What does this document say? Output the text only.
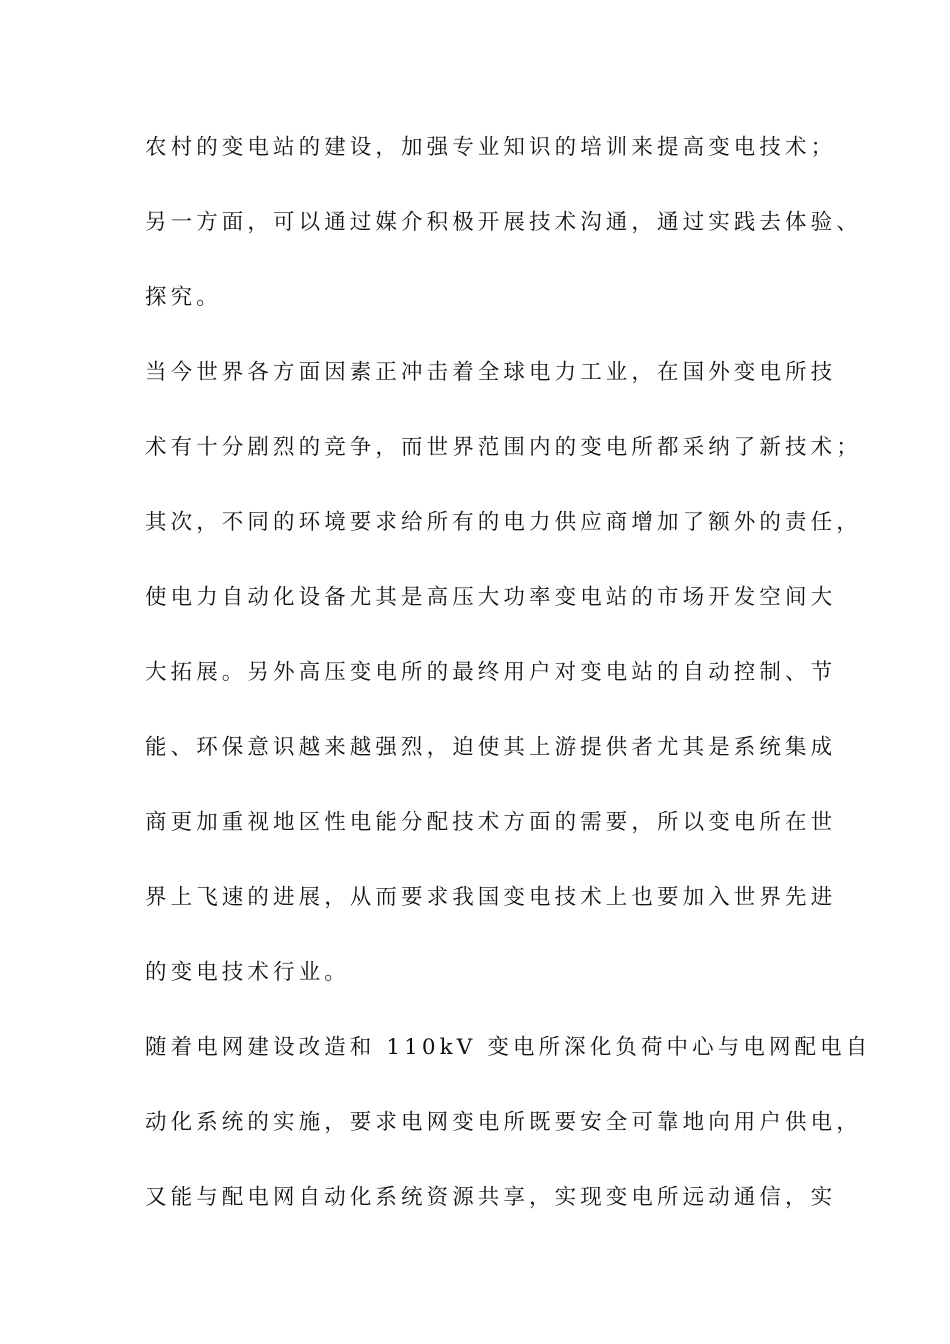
农村的变电站的建设，加强专业知识的培训来提高变电技术；
另一方面，可以通过媒介积极开展技术沟通，通过实践去体验、
探究。
当今世界各方面因素正冲击着全球电力工业，在国外变电所技
术有十分剧烈的竞争，而世界范围内的变电所都采纳了新技术；
其次，不同的环境要求给所有的电力供应商增加了额外的责任，
使电力自动化设备尤其是高压大功率变电站的市场开发空间大
大拓展。另外高压变电所的最终用户对变电站的自动控制、节
能、环保意识越来越强烈，迫使其上游提供者尤其是系统集成
商更加重视地区性电能分配技术方面的需要，所以变电所在世
界上飞速的进展，从而要求我国变电技术上也要加入世界先进
的变电技术行业。
随着电网建设改造和 110kV 变电所深化负荷中心与电网配电自
动化系统的实施，要求电网变电所既要安全可靠地向用户供电，
又能与配电网自动化系统资源共享，实现变电所远动通信，实
